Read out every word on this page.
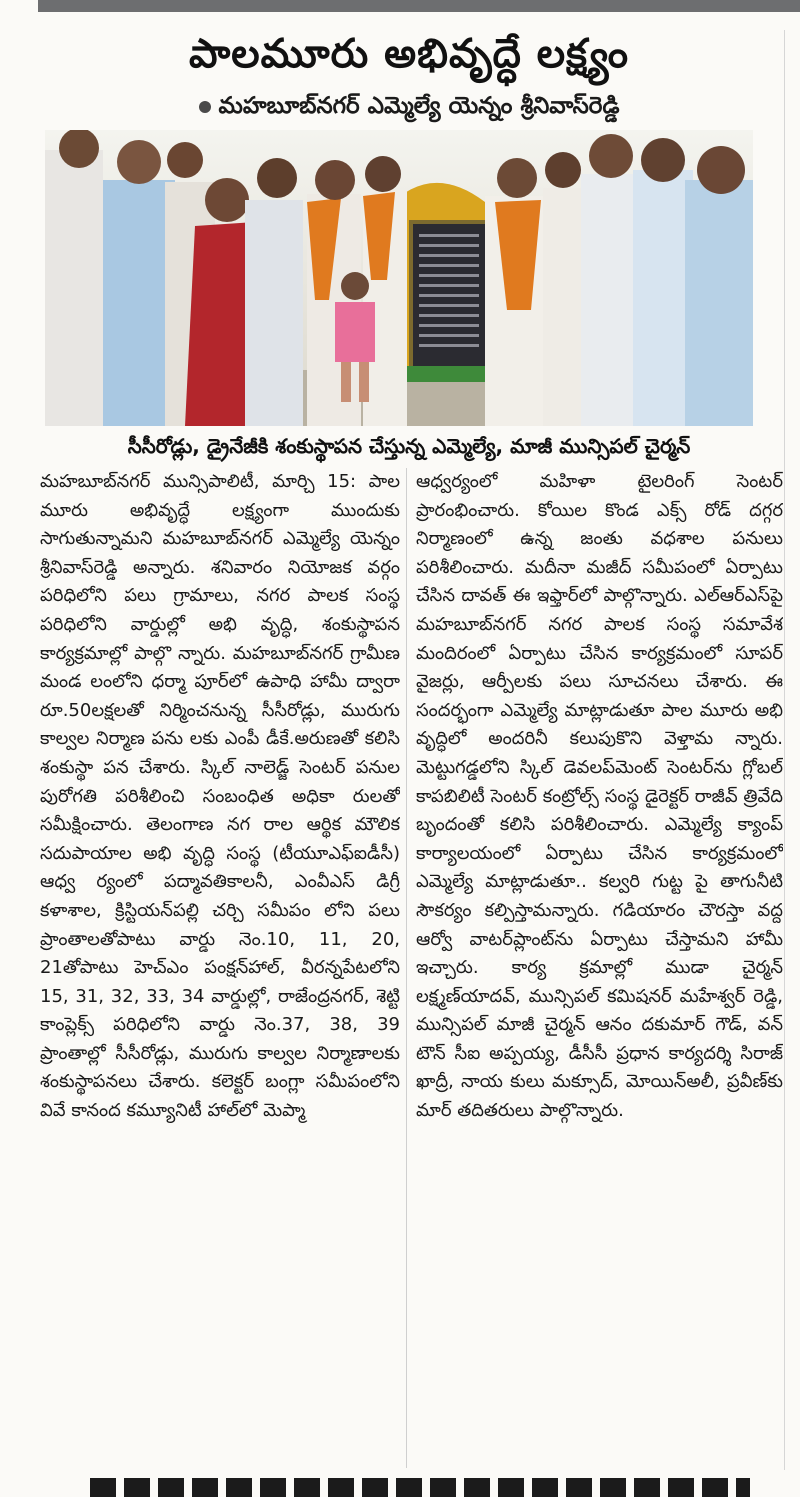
పాలమూరు అభివృద్ధే లక్ష్యం
మహబూబ్‌నగర్ ఎమ్మెల్యే యెన్నం శ్రీనివాస్‌రెడ్డి
సీసీరోడ్లు, డ్రైనేజీకి శంకుస్థాపన చేస్తున్న ఎమ్మెల్యే, మాజీ మున్సిపల్ చైర్మన్
మహబూబ్‌నగర్ మున్సిపాలిటీ, మార్చి 15: పాల మూరు అభివృద్ధే లక్ష్యంగా ముందుకు సాగుతున్నామని మహబూబ్‌నగర్ ఎమ్మెల్యే యెన్నం శ్రీనివాస్‌రెడ్డి అన్నారు. శనివారం నియోజక వర్గం పరిధిలోని పలు గ్రామాలు, నగర పాలక సంస్థ పరిధిలోని వార్డుల్లో అభి వృద్ధి, శంకుస్థాపన కార్యక్రమాల్లో పాల్గొ న్నారు. మహబూబ్‌నగర్ గ్రామీణ మండ లంలోని ధర్మా పూర్‌లో ఉపాధి హామీ ద్వారా రూ.50లక్షలతో నిర్మించనున్న సీసీరోడ్లు, మురుగు కాల్వల నిర్మాణ పను లకు ఎంపీ డీకే.అరుణతో కలిసి శంకుస్థా పన చేశారు. స్కిల్ నాలెడ్జ్ సెంటర్ పనుల పురోగతి పరిశీలించి సంబంధిత అధికా రులతో సమీక్షించారు. తెలంగాణ నగ రాల ఆర్థిక మౌలిక సదుపాయాల అభి వృద్ధి సంస్థ (టీయూఎఫ్‌ఐడీసీ) ఆధ్వ ర్యంలో పద్మావతికాలనీ, ఎంవీఎస్ డిగ్రీ కళాశాల, క్రిస్టియన్‌పల్లి చర్చి సమీపం లోని పలు ప్రాంతాలతోపాటు వార్డు నెం.10, 11, 20, 21తోపాటు హెచ్‌ఎం పంక్షన్‌హాల్, వీరన్నపేటలోని 15, 31, 32, 33, 34 వార్డుల్లో, రాజేంద్రనగర్, శెట్టి కాంప్లెక్స్ పరిధిలోని వార్డు నెం.37, 38, 39 ప్రాంతాల్లో సీసీరోడ్లు, మురుగు కాల్వల నిర్మాణాలకు శంకుస్థాపనలు చేశారు. కలెక్టర్ బంగ్లా సమీపంలోని వివే కానంద కమ్యూనిటీ హాల్‌లో మెప్మా
ఆధ్వర్యంలో మహిళా టైలరింగ్ సెంటర్ ప్రారంభించారు. కోయిల కొండ ఎక్స్ రోడ్ దగ్గర నిర్మాణంలో ఉన్న జంతు వధశాల పనులు పరిశీలించారు. మదీనా మజీద్ సమీపంలో ఏర్పాటు చేసిన దావత్ ఈ ఇఫ్తార్‌లో పాల్గొన్నారు. ఎల్‌ఆర్‌ఎస్‌పై మహబూబ్‌నగర్ నగర పాలక సంస్థ సమావేశ మందిరంలో ఏర్పాటు చేసిన కార్యక్రమంలో సూపర్ వైజర్లు, ఆర్పీలకు పలు సూచనలు చేశారు. ఈ సందర్భంగా ఎమ్మెల్యే మాట్లాడుతూ పాల మూరు అభి వృద్ధిలో అందరినీ కలుపుకొని వెళ్తామ న్నారు. మెట్టుగడ్డలోని స్కిల్ డెవలప్‌మెంట్ సెంటర్‌ను గ్లోబల్ కాపబిలిటీ సెంటర్ కంట్రోల్స్ సంస్థ డైరెక్టర్ రాజీవ్ త్రివేది బృందంతో కలిసి పరిశీలించారు. ఎమ్మెల్యే క్యాంప్ కార్యాలయంలో ఏర్పాటు చేసిన కార్యక్రమంలో ఎమ్మెల్యే మాట్లాడుతూ.. కల్వరి గుట్ట పై తాగునీటి సౌకర్యం కల్పిస్తామన్నారు. గడియారం చౌరస్తా వద్ద ఆర్వో వాటర్‌ప్లాంట్‌ను ఏర్పాటు చేస్తామని హామీ ఇచ్చారు. కార్య క్రమాల్లో ముడా చైర్మన్ లక్ష్మణ్‌యాదవ్, మున్సిపల్ కమిషనర్ మహేశ్వర్ రెడ్డి, మున్సిపల్ మాజీ చైర్మన్ ఆనం దకుమార్ గౌడ్, వన్ టౌన్ సీఐ అప్పయ్య, డీసీసీ ప్రధాన కార్యదర్శి సిరాజ్ ఖాద్రీ, నాయ కులు మక్సూద్, మోయిన్‌అలీ, ప్రవీణ్‌కు మార్ తదితరులు పాల్గొన్నారు.
